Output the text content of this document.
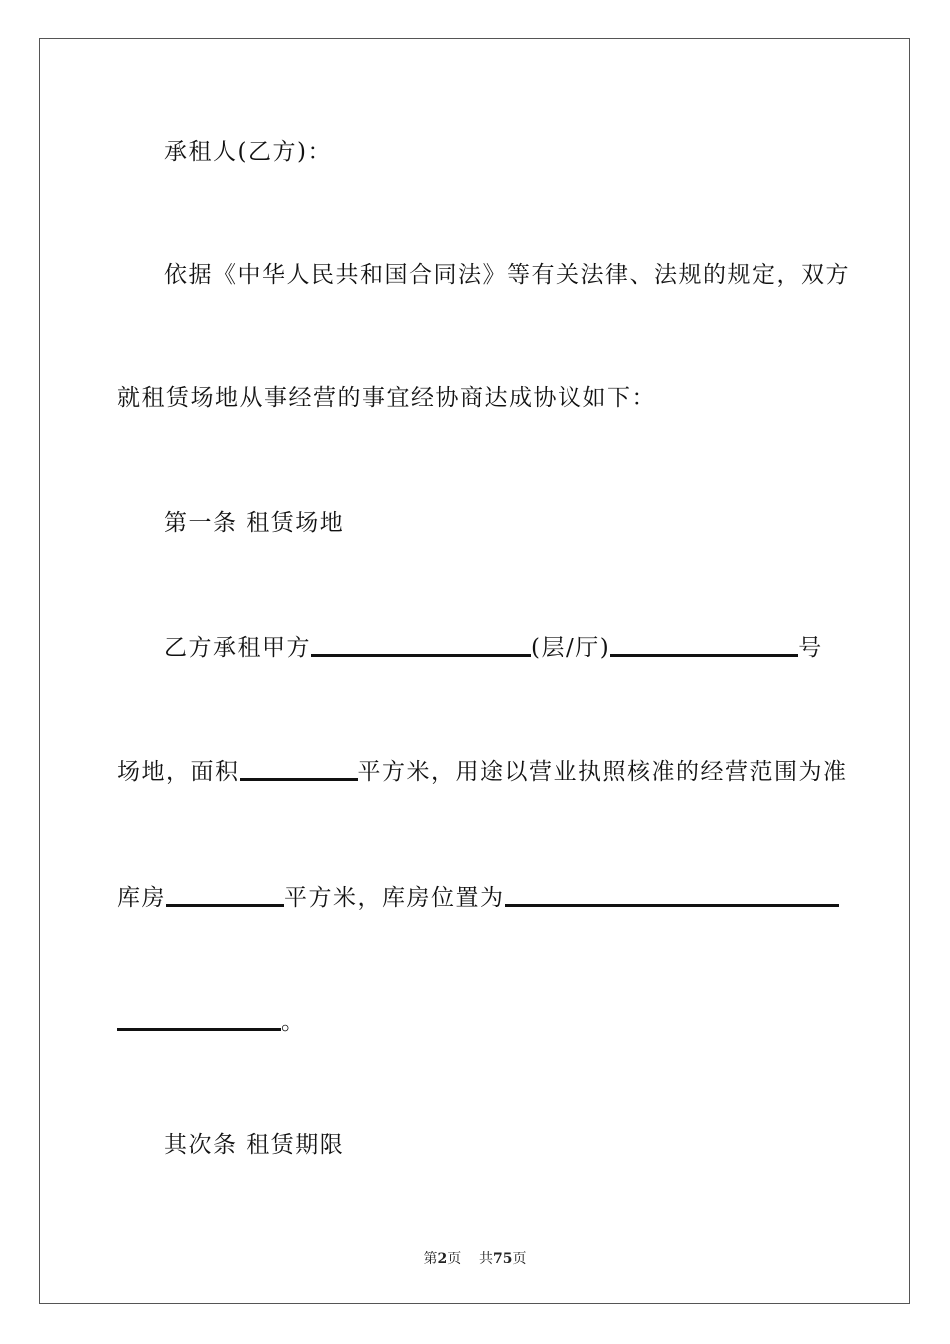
承租人(乙方)：
依据《中华人民共和国合同法》等有关法律、法规的规定，双方
就租赁场地从事经营的事宜经协商达成协议如下：
第一条 租赁场地
乙方承租甲方	(层/厅)	号
场地，面积	平方米，用途以营业执照核准的经营范围为准
库房	平方米，库房位置为
。
其次条 租赁期限
第2页 共75页
